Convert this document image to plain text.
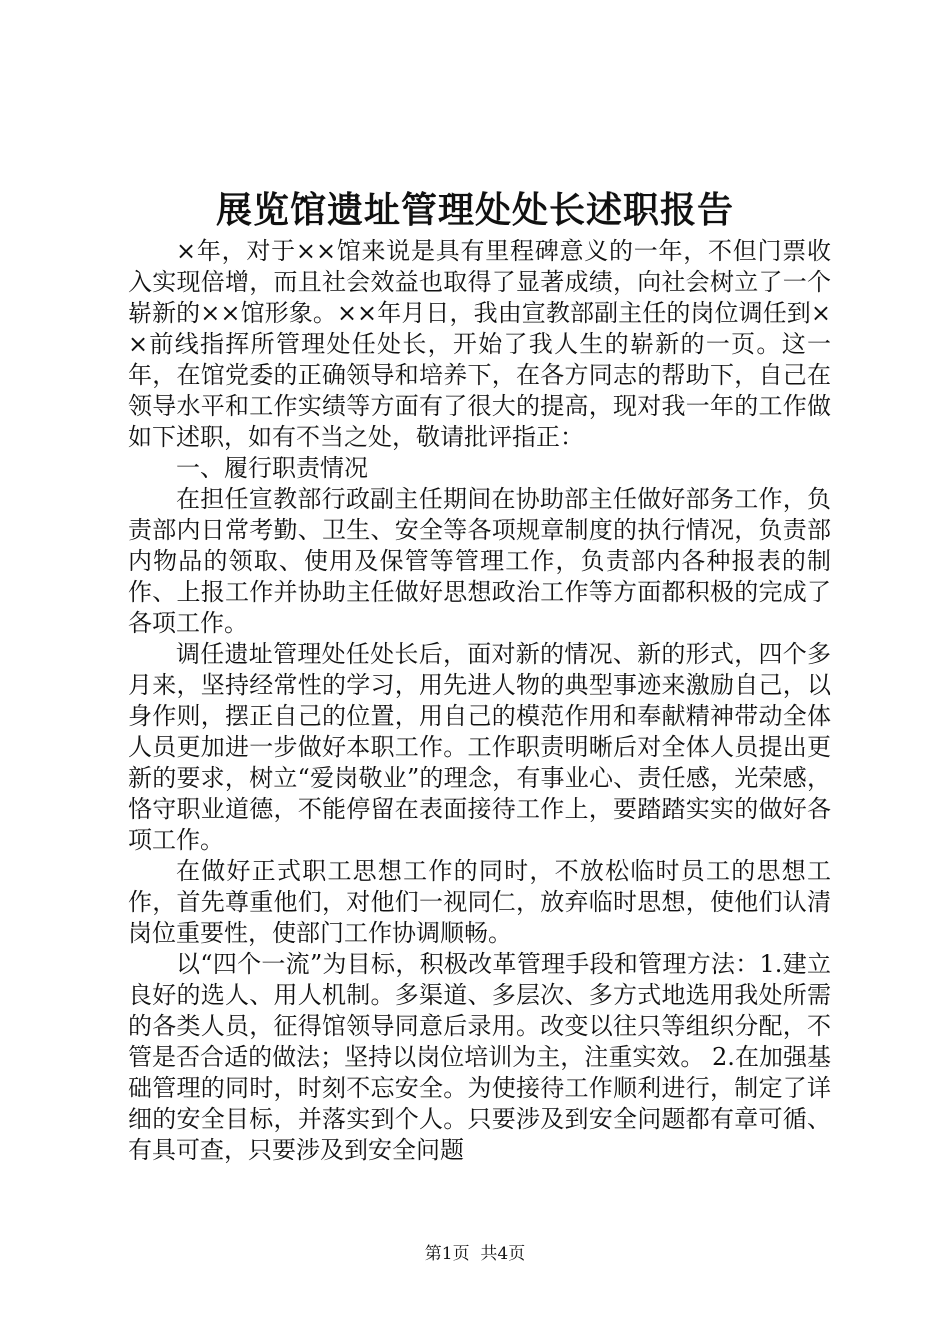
展览馆遗址管理处处长述职报告

×年，对于××馆来说是具有里程碑意义的一年，不但门票收入实现倍增，而且社会效益也取得了显著成绩，向社会树立了一个崭新的××馆形象。××年月日，我由宣教部副主任的岗位调任到××前线指挥所管理处任处长，开始了我人生的崭新的一页。这一年，在馆党委的正确领导和培养下，在各方同志的帮助下，自己在领导水平和工作实绩等方面有了很大的提高，现对我一年的工作做如下述职，如有不当之处，敬请批评指正：

一、履行职责情况

在担任宣教部行政副主任期间在协助部主任做好部务工作，负责部内日常考勤、卫生、安全等各项规章制度的执行情况，负责部内物品的领取、使用及保管等管理工作，负责部内各种报表的制作、上报工作并协助主任做好思想政治工作等方面都积极的完成了各项工作。

调任遗址管理处任处长后，面对新的情况、新的形式，四个多月来，坚持经常性的学习，用先进人物的典型事迹来激励自己，以身作则，摆正自己的位置，用自己的模范作用和奉献精神带动全体人员更加进一步做好本职工作。工作职责明晰后对全体人员提出更新的要求，树立“爱岗敬业”的理念，有事业心、责任感，光荣感，恪守职业道德，不能停留在表面接待工作上，要踏踏实实的做好各项工作。

在做好正式职工思想工作的同时，不放松临时员工的思想工作，首先尊重他们，对他们一视同仁，放弃临时思想，使他们认清岗位重要性，使部门工作协调顺畅。

以“四个一流”为目标，积极改革管理手段和管理方法：1.建立良好的选人、用人机制。多渠道、多层次、多方式地选用我处所需的各类人员，征得馆领导同意后录用。改变以往只等组织分配，不管是否合适的做法；坚持以岗位培训为主，注重实效。 2.在加强基础管理的同时，时刻不忘安全。为使接待工作顺利进行，制定了详细的安全目标，并落实到个人。只要涉及到安全问题都有章可循、有具可查，只要涉及到安全问题

第1页  共4页
